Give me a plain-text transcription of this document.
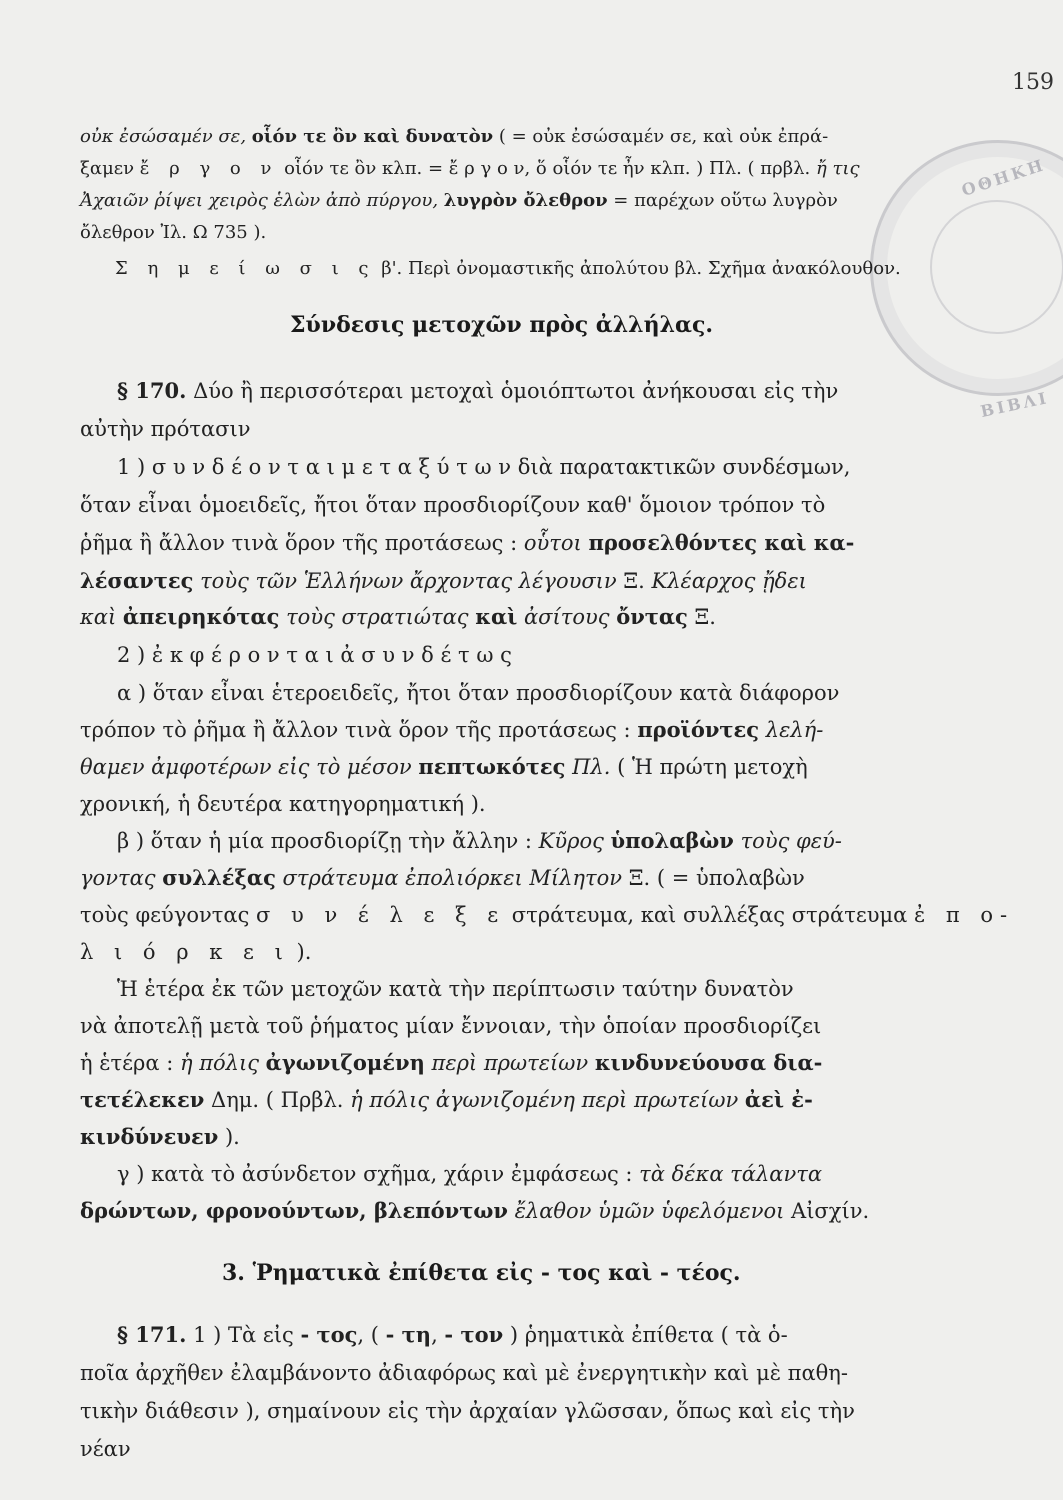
ΟΘΗΚΗ
ΒΙΒΛΙ
159
οὐκ ἐσώσαμέν σε, οἷόν τε ὂν καὶ δυνατὸν ( = οὐκ ἐσώσαμέν σε, καὶ οὐκ ἐπρά-
ξαμεν ἔ ρ γ ο ν οἷόν τε ὂν κλπ. = ἔ ρ γ ο ν, ὅ οἷόν τε ἦν κλπ. ) Πλ. ( πρβλ. ἤ τις
Ἀχαιῶν ῥίψει χειρὸς ἑλὼν ἀπὸ πύργου, λυγρὸν ὄλεθρον = παρέχων οὕτω λυγρὸν
ὄλεθρον Ἰλ. Ω 735 ).
Σ η μ ε ί ω σ ι ς β'. Περὶ ὀνομαστικῆς ἀπολύτου βλ. Σχῆμα ἀνακόλουθον.
Σύνδεσις μετοχῶν πρὸς ἀλλήλας.
§ 170. Δύο ἢ περισσότεραι μετοχαὶ ὁμοιόπτωτοι ἀνήκουσαι εἰς τὴν
αὐτὴν πρότασιν
1 ) σ υ ν δ έ ο ν τ α ι μ ε τ α ξ ύ τ ω ν διὰ παρατακτικῶν συνδέσμων,
ὅταν εἶναι ὁμοειδεῖς, ἤτοι ὅταν προσδιορίζουν καθ' ὅμοιον τρόπον τὸ
ῥῆμα ἢ ἄλλον τινὰ ὅρον τῆς προτάσεως : οὗτοι προσελθόντες καὶ κα-
λέσαντες τοὺς τῶν Ἑλλήνων ἄρχοντας λέγουσιν Ξ. Κλέαρχος ᾔδει
καὶ ἀπειρηκότας τοὺς στρατιώτας καὶ ἀσίτους ὄντας Ξ.
2 ) ἐ κ φ έ ρ ο ν τ α ι ἀ σ υ ν δ έ τ ω ς
α ) ὅταν εἶναι ἑτεροειδεῖς, ἤτοι ὅταν προσδιορίζουν κατὰ διάφορον
τρόπον τὸ ῥῆμα ἢ ἄλλον τινὰ ὅρον τῆς προτάσεως : προϊόντες λελή-
θαμεν ἀμφοτέρων εἰς τὸ μέσον πεπτωκότες Πλ. ( Ἡ πρώτη μετοχὴ
χρονική, ἡ δευτέρα κατηγορηματική ).
β ) ὅταν ἡ μία προσδιορίζῃ τὴν ἄλλην : Κῦρος ὑπολαβὼν τοὺς φεύ-
γοντας συλλέξας στράτευμα ἐπολιόρκει Μίλητον Ξ. ( = ὑπολαβὼν
τοὺς φεύγοντας σ υ ν έ λ ε ξ ε στράτευμα, καὶ συλλέξας στράτευμα ἐ π ο-
λ ι ό ρ κ ε ι ).
Ἡ ἑτέρα ἐκ τῶν μετοχῶν κατὰ τὴν περίπτωσιν ταύτην δυνατὸν
νὰ ἀποτελῇ μετὰ τοῦ ῥήματος μίαν ἔννοιαν, τὴν ὁποίαν προσδιορίζει
ἡ ἑτέρα : ἡ πόλις ἀγωνιζομένη περὶ πρωτείων κινδυνεύουσα δια-
τετέλεκεν Δημ. ( Πρβλ. ἡ πόλις ἀγωνιζομένη περὶ πρωτείων ἀεὶ ἐ-
κινδύνευεν ).
γ ) κατὰ τὸ ἀσύνδετον σχῆμα, χάριν ἐμφάσεως : τὰ δέκα τάλαντα
δρώντων, φρονούντων, βλεπόντων ἔλαθον ὑμῶν ὑφελόμενοι Αἰσχίν.
3. Ῥηματικὰ ἐπίθετα εἰς - τος καὶ - τέος.
§ 171. 1 ) Τὰ εἰς - τος, ( - τη, - τον ) ῥηματικὰ ἐπίθετα ( τὰ ὁ-
ποῖα ἀρχῆθεν ἐλαμβάνοντο ἀδιαφόρως καὶ μὲ ἐνεργητικὴν καὶ μὲ παθη-
τικὴν διάθεσιν ), σημαίνουν εἰς τὴν ἀρχαίαν γλῶσσαν, ὅπως καὶ εἰς τὴν
νέαν
